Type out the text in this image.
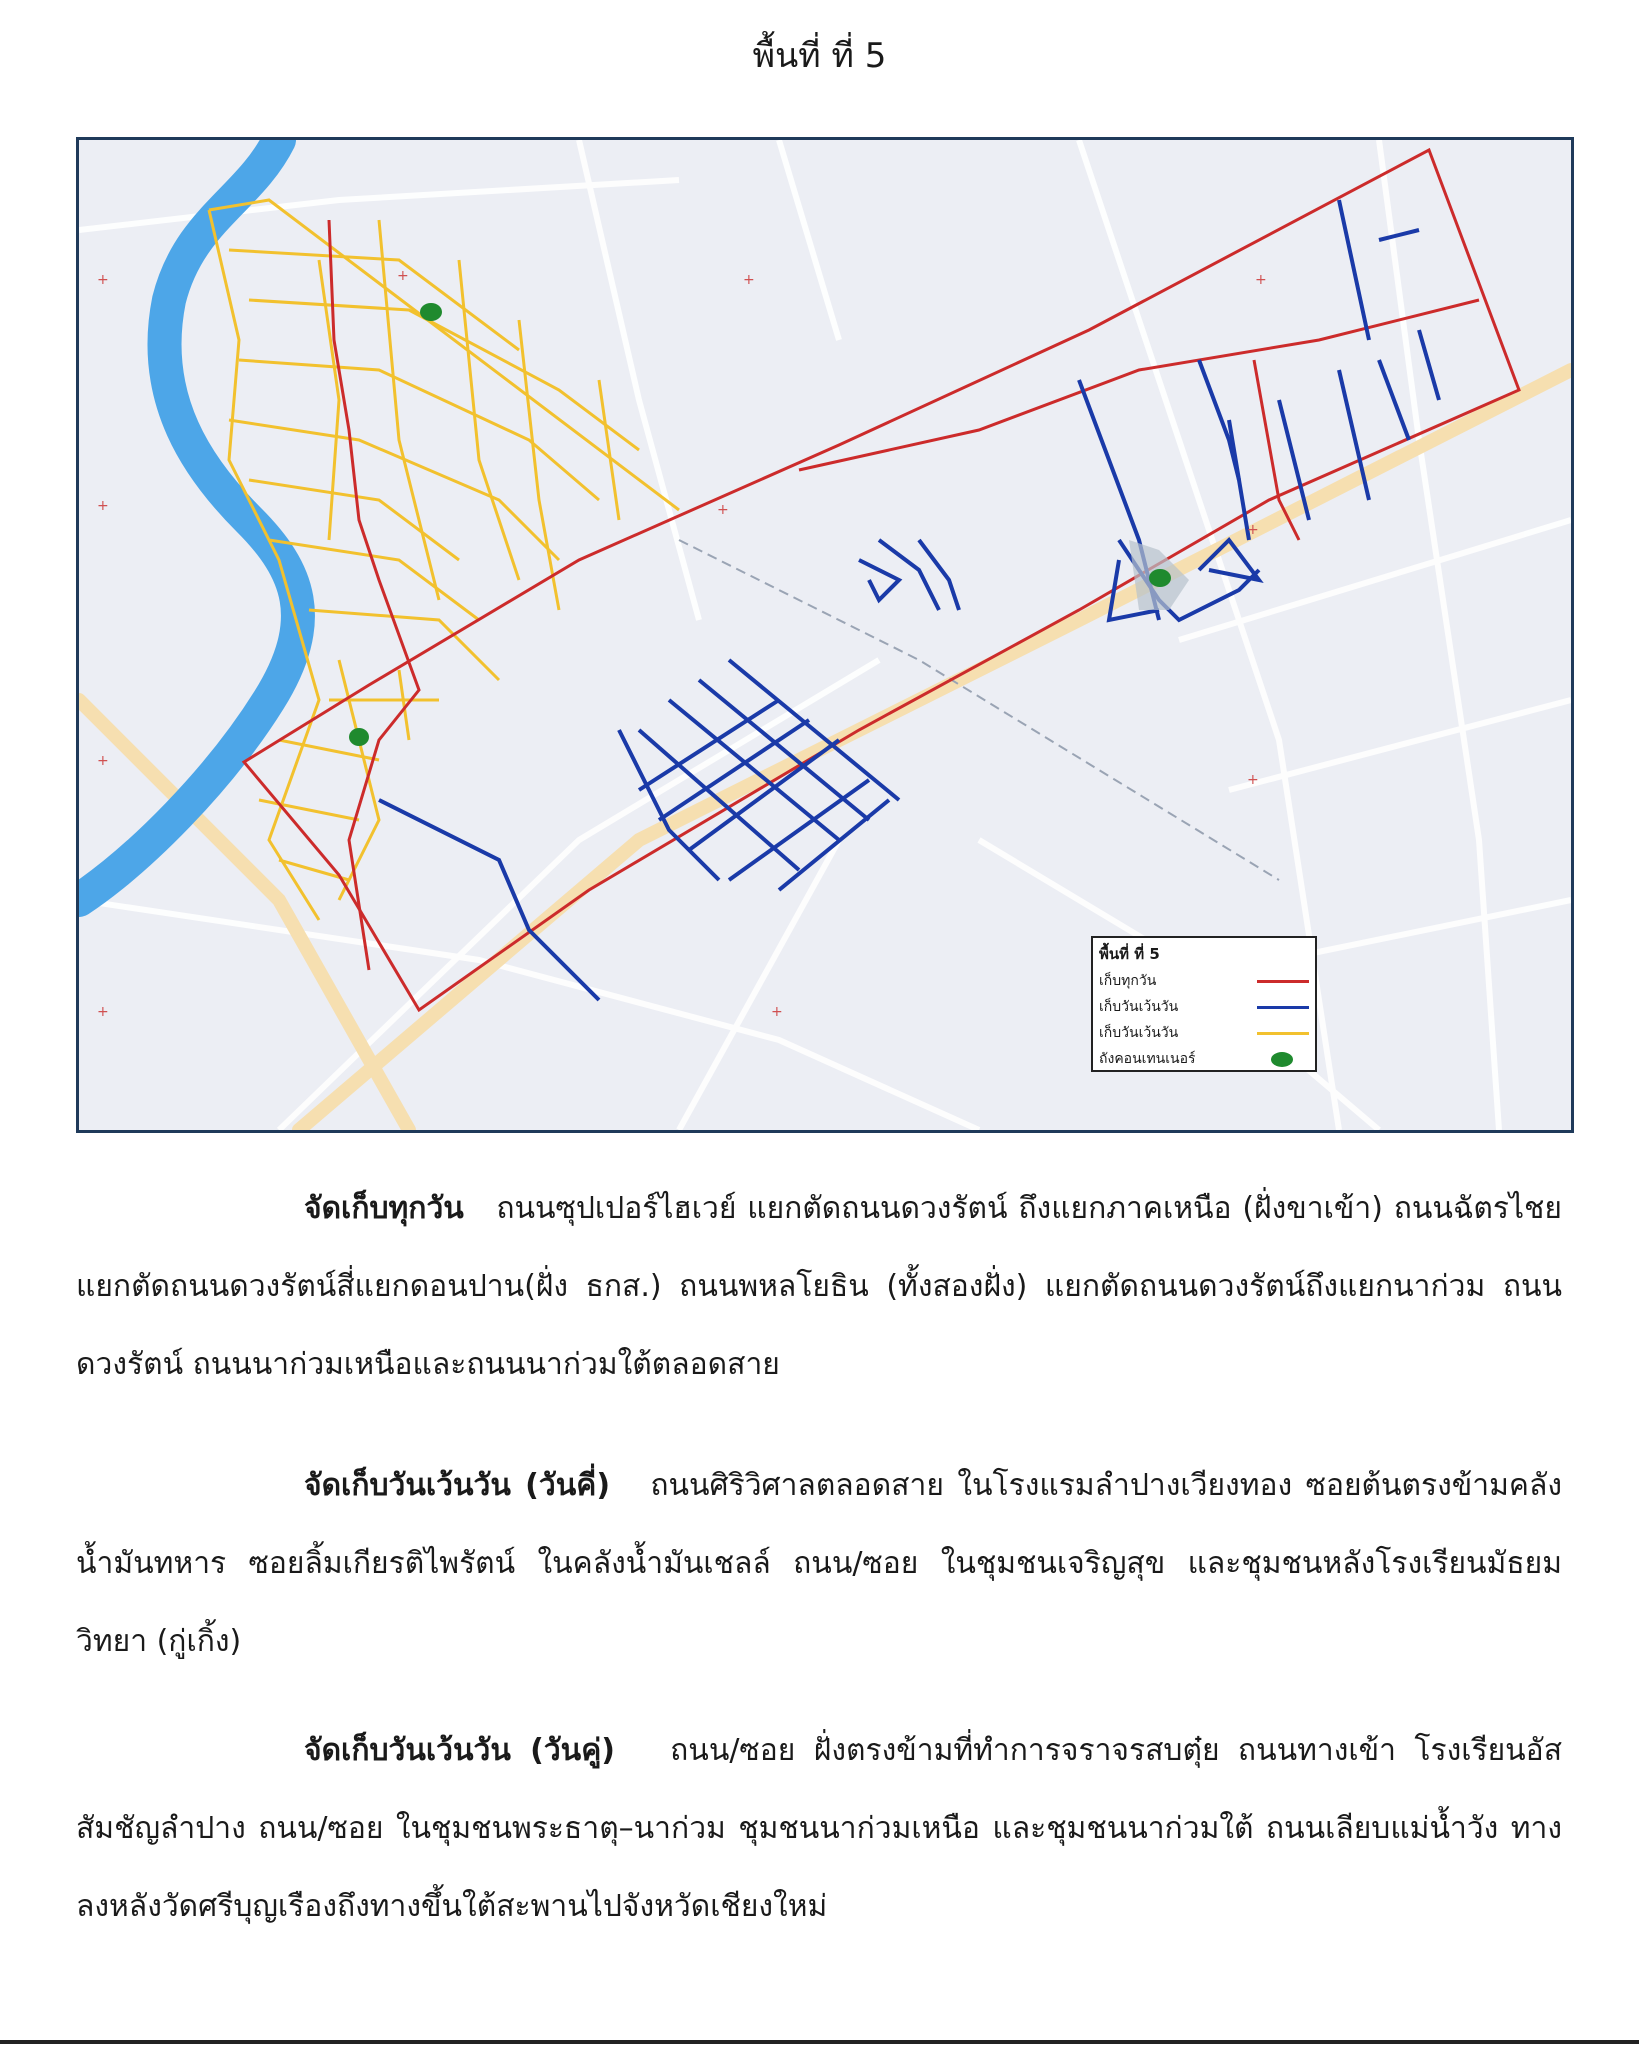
พื้นที่ ที่ 5
+	+	+	+
+	+
+
+
+
+	+
พื้นที่ ที่ 5
เก็บทุกวัน
เก็บวันเว้นวัน
เก็บวันเว้นวัน
ถังคอนเทนเนอร์
จัดเก็บทุกวัน ถนนซุปเปอร์ไฮเวย์ แยกตัดถนนดวงรัตน์ ถึงแยกภาคเหนือ (ฝั่งขาเข้า) ถนนฉัตรไชย แยกตัดถนนดวงรัตน์สี่แยกดอนปาน(ฝั่ง ธกส.) ถนนพหลโยธิน (ทั้งสองฝั่ง) แยกตัดถนนดวงรัตน์ถึงแยกนาก่วม ถนนดวงรัตน์ ถนนนาก่วมเหนือและถนนนาก่วมใต้ตลอดสาย
จัดเก็บวันเว้นวัน (วันคี่) ถนนศิริวิศาลตลอดสาย ในโรงแรมลำปางเวียงทอง ซอยต้นตรงข้ามคลังน้ำมันทหาร ซอยลิ้มเกียรติไพรัตน์ ในคลังน้ำมันเชลล์ ถนน/ซอย ในชุมชนเจริญสุข และชุมชนหลังโรงเรียนมัธยมวิทยา (กู่เกิ้ง)
จัดเก็บวันเว้นวัน (วันคู่) ถนน/ซอย ฝั่งตรงข้ามที่ทำการจราจรสบตุ๋ย ถนนทางเข้า โรงเรียนอัสสัมชัญลำปาง ถนน/ซอย ในชุมชนพระธาตุ–นาก่วม ชุมชนนาก่วมเหนือ และชุมชนนาก่วมใต้ ถนนเลียบแม่น้ำวัง ทางลงหลังวัดศรีบุญเรืองถึงทางขึ้นใต้สะพานไปจังหวัดเชียงใหม่
